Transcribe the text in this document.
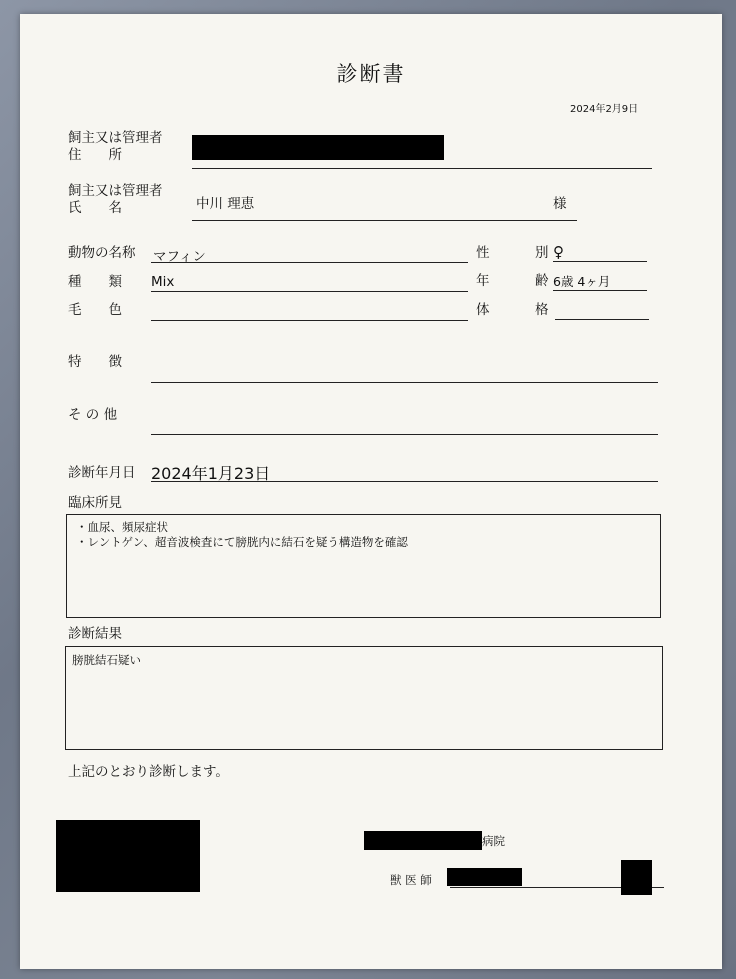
診断書
2024年2月9日
飼主又は管理者
住　　所
飼主又は管理者
氏　　名	中川 理恵	様
動物の名称 マフィン	性	別 ♀
種　　類 Mix	年	齢 6歳 4ヶ月
毛　　色	体	格
特　　徴
そ の 他
診断年月日 2024年1月23日
臨床所見
・血尿、頻尿症状
・レントゲン、超音波検査にて膀胱内に結石を疑う構造物を確認
診断結果
膀胱結石疑い
上記のとおり診断します。
病院
獣 医 師
